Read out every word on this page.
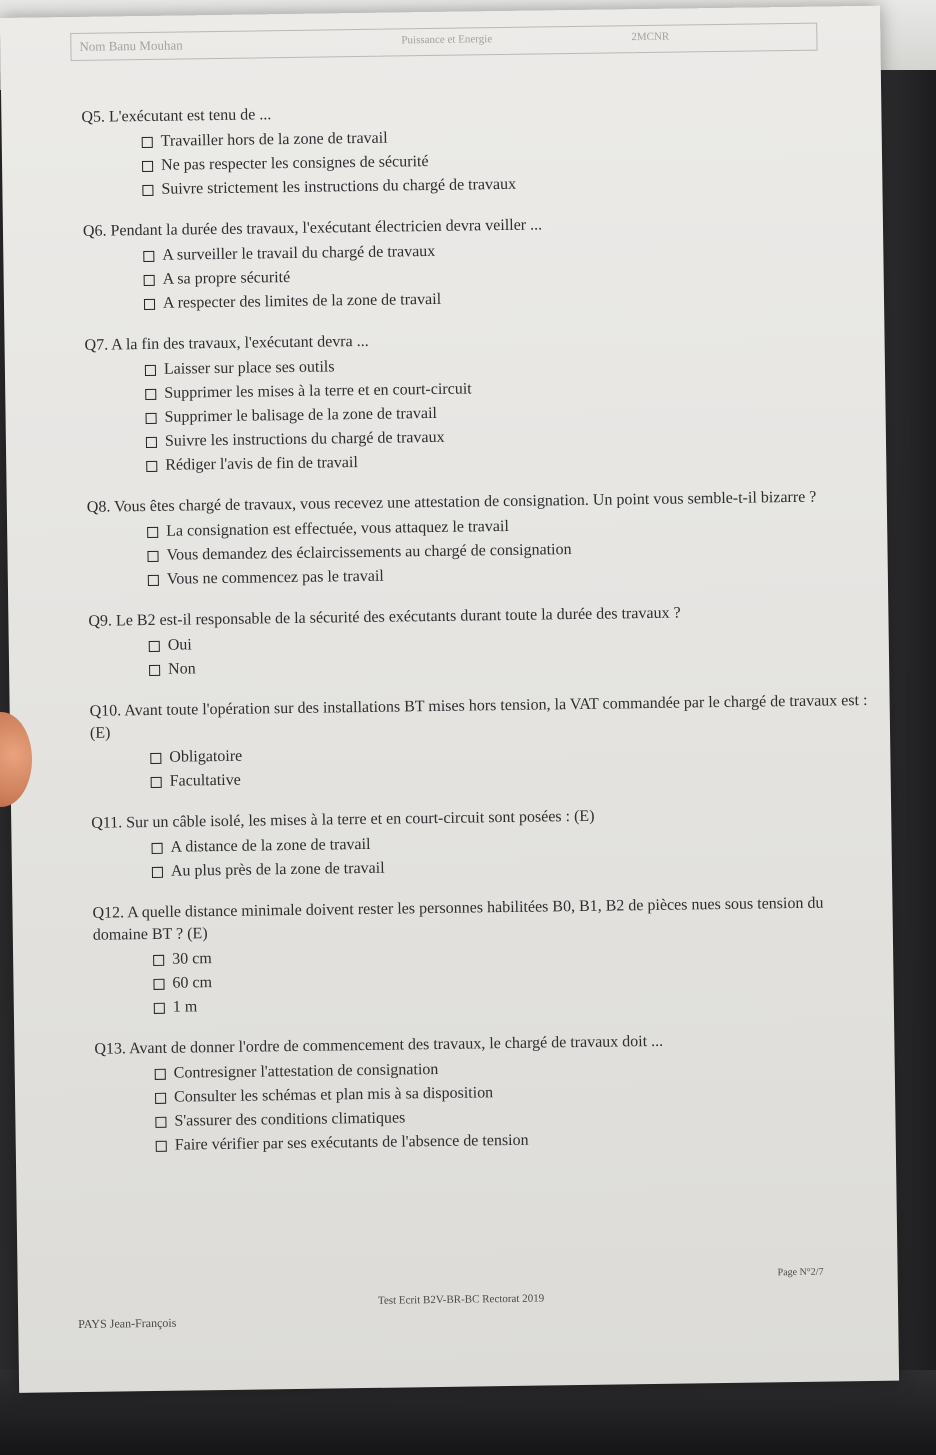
Nom Banu Mouhan	Puissance et Energie	2MCNR
Q5. L'exécutant est tenu de ...
Travailler hors de la zone de travail
Ne pas respecter les consignes de sécurité
Suivre strictement les instructions du chargé de travaux
Q6. Pendant la durée des travaux, l'exécutant électricien devra veiller ...
A surveiller le travail du chargé de travaux
A sa propre sécurité
A respecter des limites de la zone de travail
Q7. A la fin des travaux, l'exécutant devra ...
Laisser sur place ses outils
Supprimer les mises à la terre et en court-circuit
Supprimer le balisage de la zone de travail
Suivre les instructions du chargé de travaux
Rédiger l'avis de fin de travail
Q8. Vous êtes chargé de travaux, vous recevez une attestation de consignation. Un point vous semble-t-il bizarre ?
La consignation est effectuée, vous attaquez le travail
Vous demandez des éclaircissements au chargé de consignation
Vous ne commencez pas le travail
Q9. Le B2 est-il responsable de la sécurité des exécutants durant toute la durée des travaux ?
Oui
Non
Q10. Avant toute l'opération sur des installations BT mises hors tension, la VAT commandée par le chargé de travaux est : (E)
Obligatoire
Facultative
Q11. Sur un câble isolé, les mises à la terre et en court-circuit sont posées : (E)
A distance de la zone de travail
Au plus près de la zone de travail
Q12. A quelle distance minimale doivent rester les personnes habilitées B0, B1, B2 de pièces nues sous tension du domaine BT ? (E)
30 cm
60 cm
1 m
Q13. Avant de donner l'ordre de commencement des travaux, le chargé de travaux doit ...
Contresigner l'attestation de consignation
Consulter les schémas et plan mis à sa disposition
S'assurer des conditions climatiques
Faire vérifier par ses exécutants de l'absence de tension
Page N°2/7
Test Ecrit B2V-BR-BC Rectorat 2019
PAYS Jean-François
